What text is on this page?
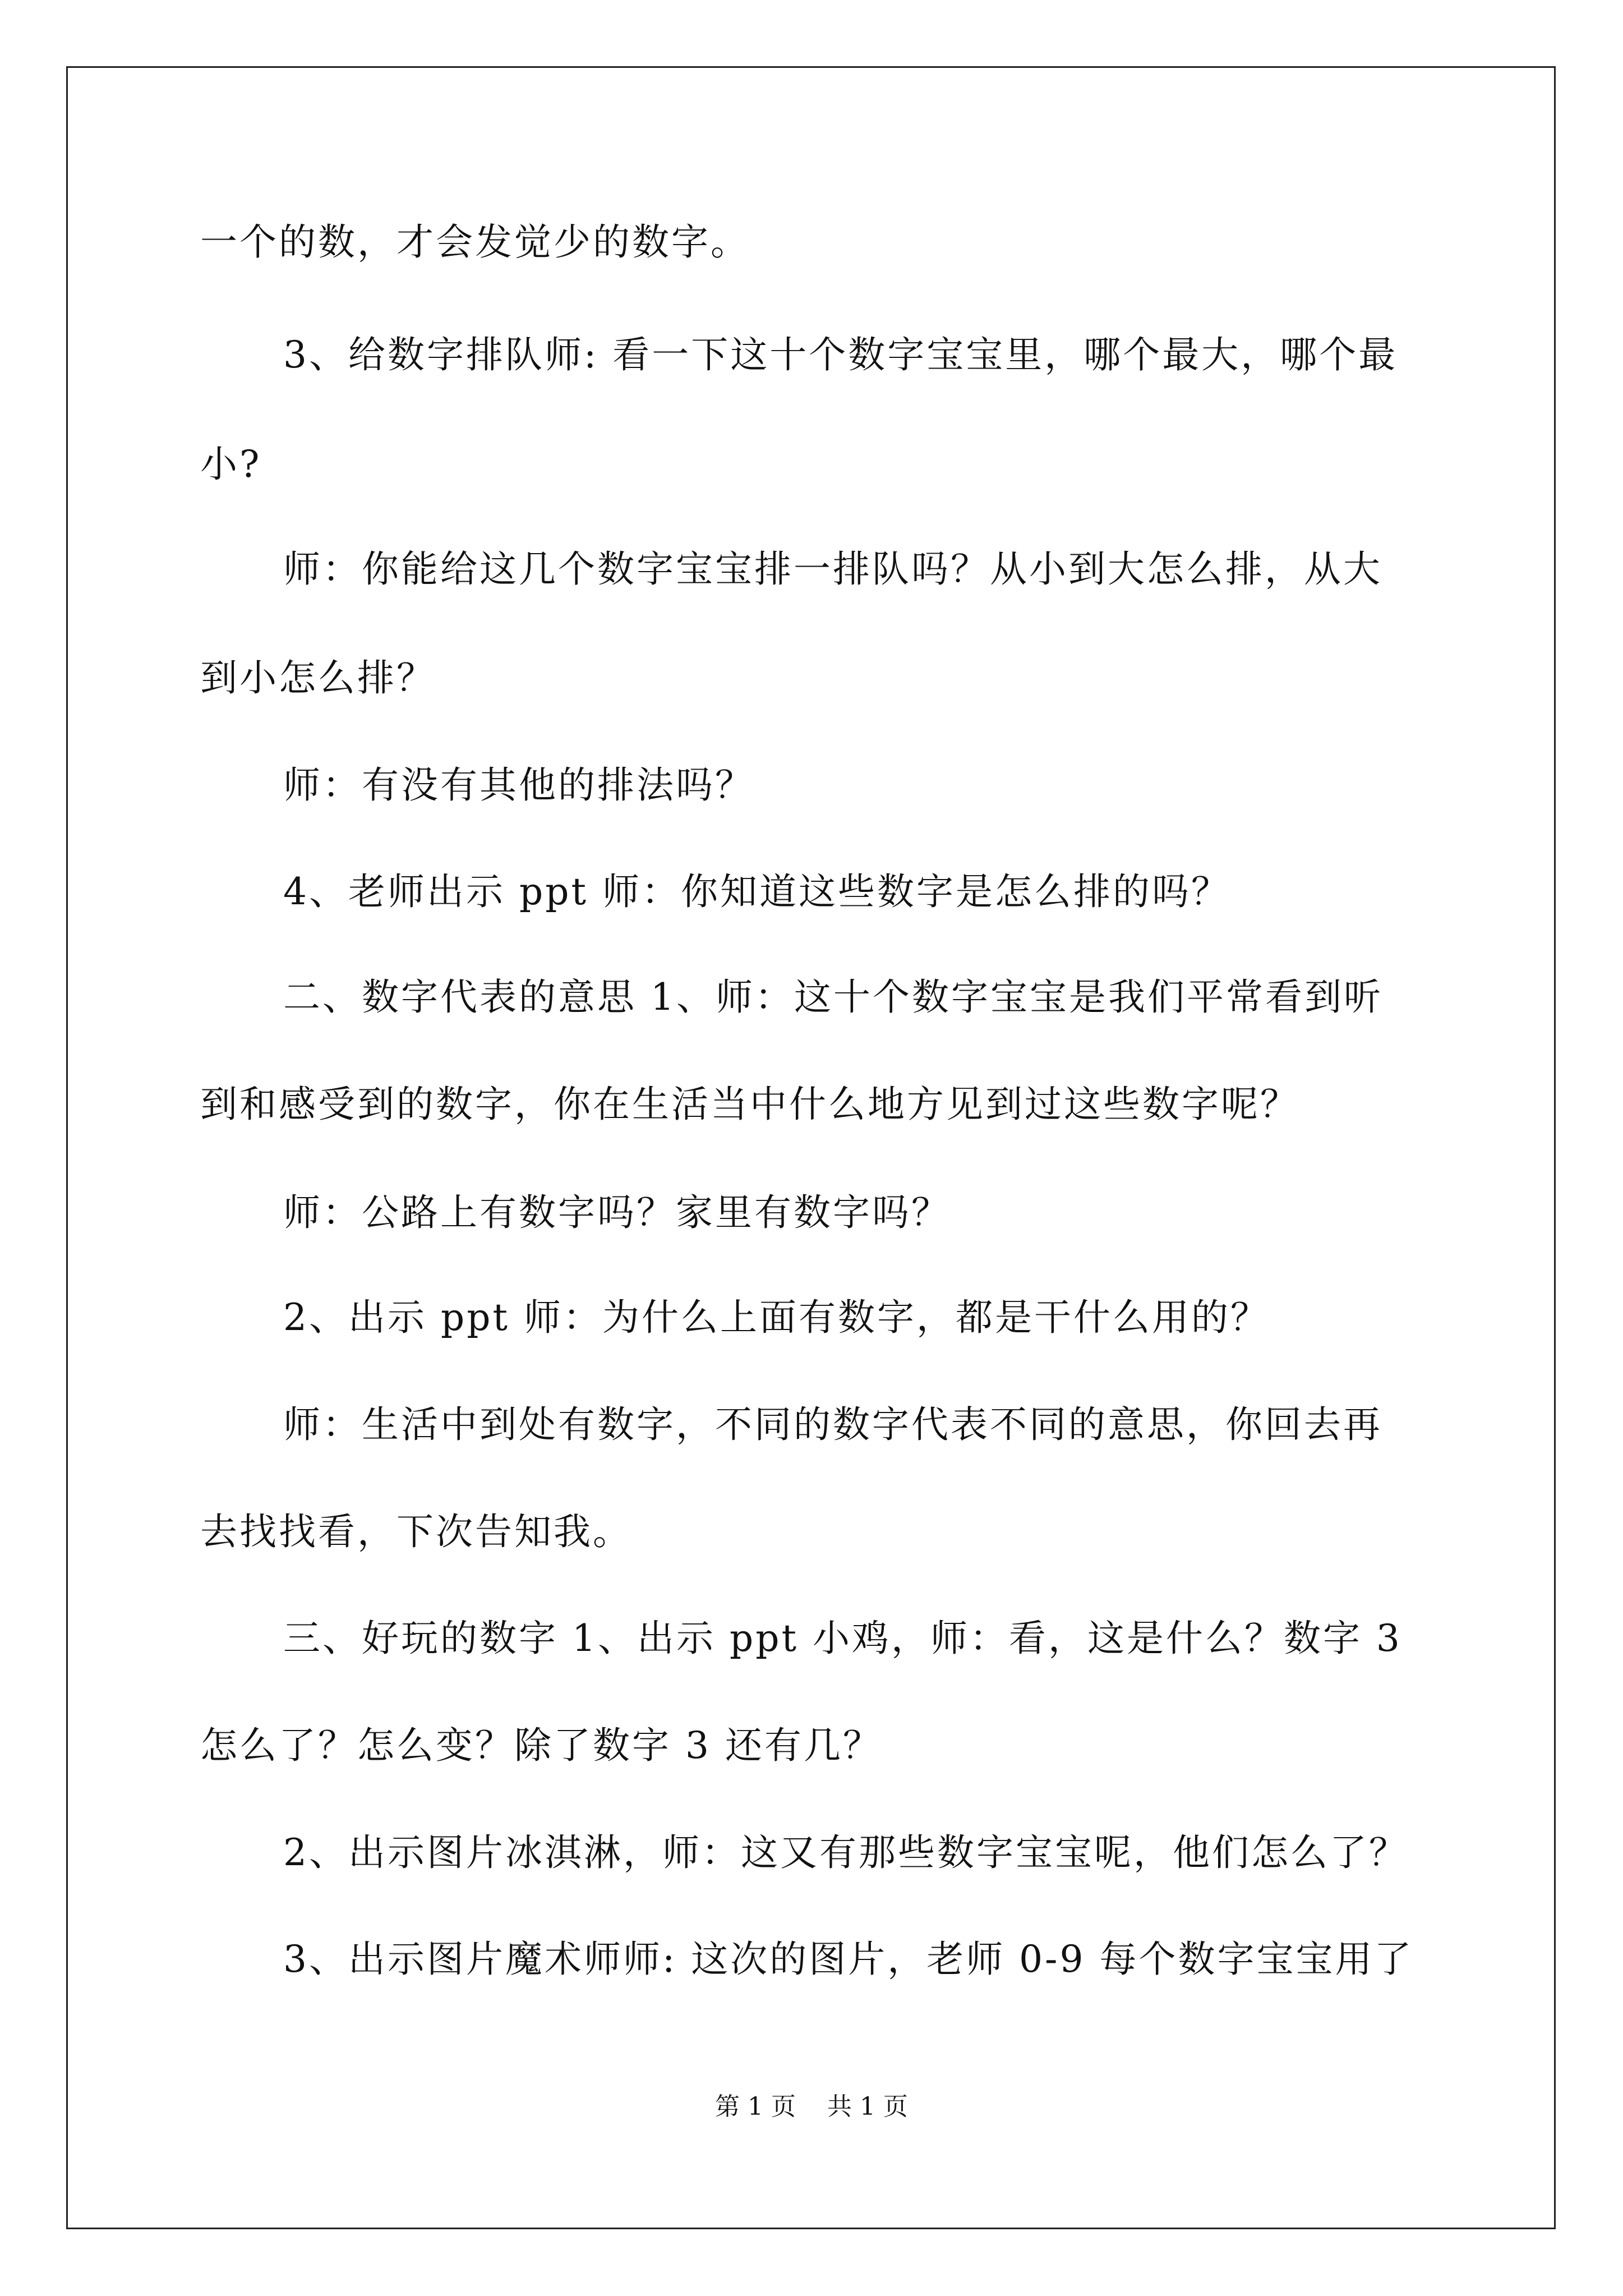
一个的数，才会发觉少的数字。
3、给数字排队师: 看一下这十个数字宝宝里，哪个最大，哪个最
小?
师：你能给这几个数字宝宝排一排队吗？从小到大怎么排，从大
到小怎么排？
师：有没有其他的排法吗？
4、老师出示 ppt 师：你知道这些数字是怎么排的吗？
二、数字代表的意思 1、师：这十个数字宝宝是我们平常看到听
到和感受到的数字，你在生活当中什么地方见到过这些数字呢？
师：公路上有数字吗？家里有数字吗？
2、出示 ppt 师：为什么上面有数字，都是干什么用的？
师：生活中到处有数字，不同的数字代表不同的意思，你回去再
去找找看，下次告知我。
三、好玩的数字 1、出示 ppt 小鸡，师：看，这是什么？数字 3
怎么了？怎么变？除了数字 3 还有几？
2、出示图片冰淇淋，师：这又有那些数字宝宝呢，他们怎么了？
3、出示图片魔术师师: 这次的图片，老师 0-9 每个数字宝宝用了
第 1 页    共 1 页
